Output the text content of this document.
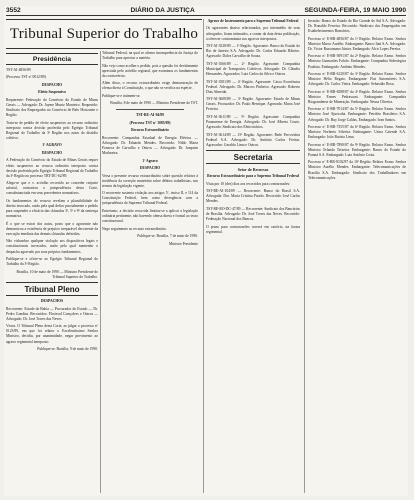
3552	DIÁRIO DA JUSTIÇA	SEGUNDA-FEIRA, 19 MAIO 1990
Tribunal Superior do Trabalho
Presidência
TST-AI-4856/89
(Processo TST nº 0012/89)
DESPACHO
Efeito Suspensivo
Requerente: Federação do Comércio do Estado de Minas Gerais — Advogado: Dr. Jayme Muniz Monteiro. Requerido: Sindicato dos Empregados no Comércio de Belo Horizonte e Região.
Trata-se de pedido de efeito suspensivo ao recurso ordinário interposto contra decisão proferida pelo Egrégio Tribunal Regional do Trabalho da 3ª Região nos autos do dissídio coletivo.
1º AGRAVO
DESPACHO
A Federação do Comércio do Estado de Minas Gerais requer efeito suspensivo ao recurso ordinário interposto contra decisão proferida pelo Egrégio Tribunal Regional do Trabalho da 3ª Região no processo TRT-DC-62/89.
Alega-se que o v. acórdão recorrido ao conceder reajuste salarial, contrariou a jurisprudência desta Corte, consubstanciada em seus precedentes normativos.
Os fundamentos do recurso revelam a plausibilidade do direito invocado, razão pela qual defiro parcialmente o pedido para suspender a eficácia das cláusulas 3ª, 5ª e 9ª da sentença normativa.
É o que se extrai dos autos, posto que o agravante não demonstrou a existência de prejuízo irreparável decorrente da execução imediata das demais cláusulas deferidas.
Não vislumbro qualquer violação aos dispositivos legais e constitucionais invocados, razão pela qual mantenho o despacho agravado por seus próprios fundamentos.
Publique-se e oficie-se ao Egrégio Tribunal Regional do Trabalho da 3ª Região.
Brasília, 10 de maio de 1990 — Ministro Presidente do Tribunal Superior do Trabalho.
Tribunal Pleno
DESPACHOS
Recorrente: Estado da Bahia — Procurador do Estado — Dr. Pedro Gondim. Recorridos: Florisval Gonçalves e Outros — Advogado: Dr. José Torres das Neves.
Vistos. O Tribunal Pleno desta Corte, ao julgar o processo nº 0123/89, em que foi relator o Excelentíssimo Senhor Ministro, decidiu, por unanimidade, negar provimento ao agravo regimental interposto.
Publique-se. Brasília, 9 de maio de 1990.
Tribunal Federal, na qual se afirma incompetência da Justiça do Trabalho para apreciar a matéria.
Não vejo como acolher o pedido, pois a questão foi devidamente apreciada pelo acórdão regional, que examinou os fundamentos da controvérsia.
Além disso, o recurso extraordinário exige demonstração de ofensa direta à Constituição, o que não se verifica na espécie.
Publique-se e intimem-se.
Brasília, 8 de maio de 1990 — Ministro Presidente do TST.
TST-RE-AI-94/89
(Processo TST nº 1085/89)
Recurso Extraordinário
Recorrente: Companhia Estadual de Energia Elétrica — Advogado: Dr. Eduardo Mendes. Recorrido: Nildo Maria Fonseca de Carvalho e Outros — Advogado: Dr. Joaquim Madureira.
1º Agravo
DESPACHO
Versa o presente recurso extraordinário sobre questão relativa à incidência da correção monetária sobre débitos trabalhistas, nos termos da legislação vigente.
O recorrente sustenta violação aos artigos 5º, inciso II, e 114 da Constituição Federal, bem como divergência com a jurisprudência do Supremo Tribunal Federal.
Entretanto, a decisão recorrida limitou-se a aplicar a legislação ordinária pertinente, não havendo ofensa direta e frontal ao texto constitucional.
Nego seguimento ao recurso extraordinário.
Publique-se. Brasília, 7 de maio de 1990.
Ministro Presidente
Agravo de Instrumento para o Supremo Tribunal Federal
Os agravantes abaixo relacionados, por intermédio de seus advogados, ficam intimados, a contar da data desta publicação, a oferecer contraminuta aos agravos interpostos.
TST-AI-3528/89 — 1ª Região. Agravante: Banco do Estado do Rio de Janeiro S.A. Advogado: Dr. Carlos Eduardo Ribeiro. Agravado: Dalva Carvalho de Souza.
TST-AI-3566/89 — 2ª Região. Agravante: Companhia Municipal de Transportes Coletivos. Advogado: Dr. Cláudio Hernandes. Agravados: Luiz Carlos da Silva e Outros.
TST-AI-3581/89 — 4ª Região. Agravante: Caixa Econômica Federal. Advogado: Dr. Marcos Pinheiro. Agravado: Roberto Dias Almeida.
TST-AI-3608/89 — 3ª Região. Agravante: Estado de Minas Gerais. Procurador: Dr. Paulo Henrique. Agravada: Maria José Ferreira.
TST-AI-3611/89 — 9ª Região. Agravante: Companhia Paranaense de Energia. Advogado: Dr. José Alberto Couto. Agravado: Sindicato dos Eletricitários.
TST-AI-3614/89 — 15ª Região. Agravante: Rede Ferroviária Federal S.A. Advogado: Dr. Antônio Carlos Freitas. Agravados: Geraldo Lima e Outros.
Secretaria
Setor de Recursos
Recurso Extraordinário para o Supremo Tribunal Federal
Vista por 10 (dez) dias aos recorridos para contrarrazões:
TST-RE-AI-104/89 — Recorrente: Banco do Brasil S.A. Advogada: Dra. Maria Cristina Paixão. Recorrido: José Carlos Mendes.
TST-RE-RO-DC-47/89 — Recorrente: Sindicato dos Bancários de Brasília. Advogado: Dr. José Torres das Neves. Recorrido: Federação Nacional dos Bancos.
O prazo para contrarrazões correrá em cartório, na forma regimental.
Invasão: Banco do Estado do Rio Grande do Sul S.A. Advogado: Dr. Ronaldo Ferreira. Recorrido: Sindicato dos Empregados em Estabelecimentos Bancários.
Processo nº E-RR-4856/87 da 1ª Região. Relator Exmo. Senhor Ministro Marco Aurélio. Embargante: Banco Itaú S.A. Advogado: Dr. Victor Russomano Júnior. Embargado: Alcir Lopes Pereira.
Processo nº E-RR-5091/87 da 2ª Região. Relator Exmo. Senhor Ministro Guimarães Falcão. Embargante: Companhia Siderúrgica Paulista. Embargado: Antônio Mendes.
Processo nº E-RR-6120/87 da 3ª Região. Relator Exmo. Senhor Ministro Hélio Regato. Embargante: Fiat Automóveis S.A. Advogado: Dr. Carlos Vieira. Embargado: Sebastião Rosa.
Processo nº E-RR-6588/87 da 4ª Região. Relator Exmo. Senhor Ministro Ermes Pedrassani. Embargante: Companhia Riograndense de Mineração. Embargada: Neusa Oliveira.
Processo nº E-RR-7014/87 da 5ª Região. Relator Exmo. Senhor Ministro José Ajuricaba. Embargante: Petróleo Brasileiro S.A. Advogado: Dr. Ruy Jorge Caldas. Embargado: Ivan Santos.
Processo nº E-RR-7355/87 da 6ª Região. Relator Exmo. Senhor Ministro Norberto Silveira. Embargante: Usina Catende S.A. Embargado: João Batista Lima.
Processo nº E-RR-7890/87 da 9ª Região. Relator Exmo. Senhor Ministro Orlando Teixeira. Embargante: Banco do Estado do Paraná S.A. Embargado: Luiz Antônio Costa.
Processo nº E-RR-8102/87 da 10ª Região. Relator Exmo. Senhor Ministro Aurélio Mendes. Embargante: Telecomunicações de Brasília S.A. Embargado: Sindicato dos Trabalhadores em Telecomunicações.
